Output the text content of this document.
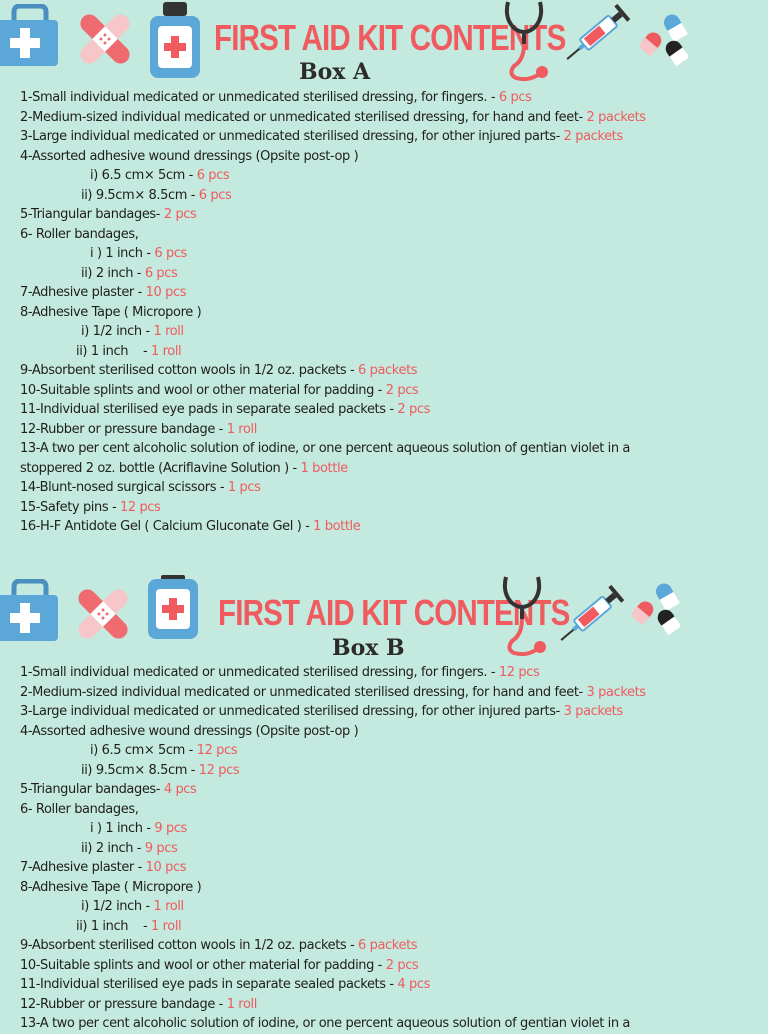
FIRST AID KIT CONTENTS
Box A
1-Small individual medicated or unmedicated sterilised dressing, for fingers. - 6 pcs
2-Medium-sized individual medicated or unmedicated sterilised dressing, for hand and feet- 2 packets
3-Large individual medicated or unmedicated sterilised dressing, for other injured parts- 2 packets
4-Assorted adhesive wound dressings (Opsite post-op )
i) 6.5 cm× 5cm - 6 pcs
ii) 9.5cm× 8.5cm - 6 pcs
5-Triangular bandages- 2 pcs
6- Roller bandages,
i ) 1 inch - 6 pcs
ii) 2 inch - 6 pcs
7-Adhesive plaster - 10 pcs
8-Adhesive Tape ( Micropore )
i) 1/2 inch - 1 roll
ii) 1 inch    - 1 roll
9-Absorbent sterilised cotton wools in 1/2 oz. packets - 6 packets
10-Suitable splints and wool or other material for padding - 2 pcs
11-Individual sterilised eye pads in separate sealed packets - 2 pcs
12-Rubber or pressure bandage - 1 roll
13-A two per cent alcoholic solution of iodine, or one percent aqueous solution of gentian violet in a stoppered 2 oz. bottle (Acriflavine Solution ) - 1 bottle
14-Blunt-nosed surgical scissors - 1 pcs
15-Safety pins - 12 pcs
16-H-F Antidote Gel ( Calcium Gluconate Gel ) - 1 bottle
FIRST AID KIT CONTENTS
Box B
1-Small individual medicated or unmedicated sterilised dressing, for fingers. - 12 pcs
2-Medium-sized individual medicated or unmedicated sterilised dressing, for hand and feet- 3 packets
3-Large individual medicated or unmedicated sterilised dressing, for other injured parts- 3 packets
4-Assorted adhesive wound dressings (Opsite post-op )
i) 6.5 cm× 5cm - 12 pcs
ii) 9.5cm× 8.5cm - 12 pcs
5-Triangular bandages- 4 pcs
6- Roller bandages,
i ) 1 inch - 9 pcs
ii) 2 inch - 9 pcs
7-Adhesive plaster - 10 pcs
8-Adhesive Tape ( Micropore )
i) 1/2 inch - 1 roll
ii) 1 inch    - 1 roll
9-Absorbent sterilised cotton wools in 1/2 oz. packets - 6 packets
10-Suitable splints and wool or other material for padding - 2 pcs
11-Individual sterilised eye pads in separate sealed packets - 4 pcs
12-Rubber or pressure bandage - 1 roll
13-A two per cent alcoholic solution of iodine, or one percent aqueous solution of gentian violet in a
